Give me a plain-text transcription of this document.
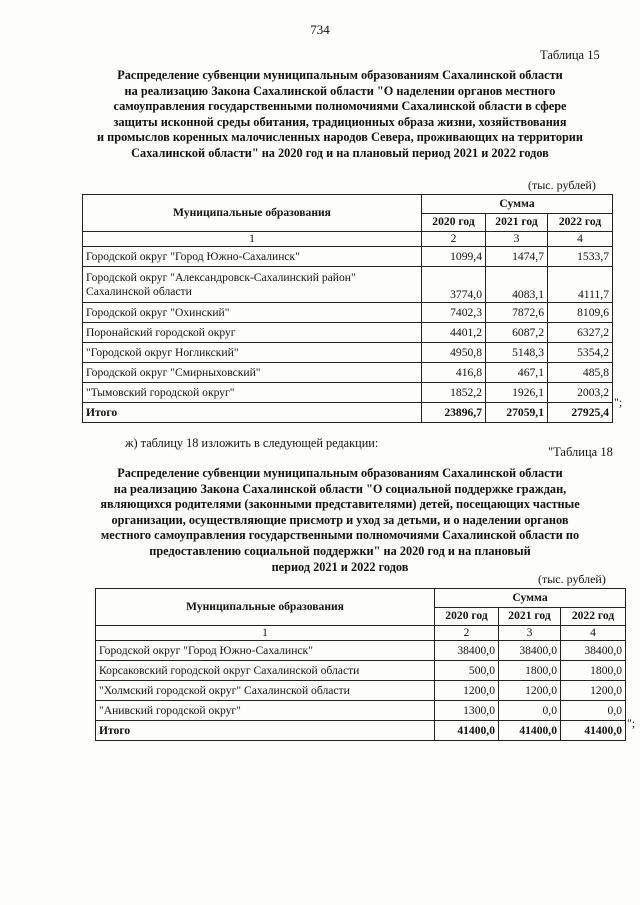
734
Таблица 15
Распределение субвенции муниципальным образованиям Сахалинской области
на реализацию Закона Сахалинской области "О наделении органов местного
самоуправления государственными полномочиями Сахалинской области в сфере
защиты исконной среды обитания, традиционных образа жизни, хозяйствования
и промыслов коренных малочисленных народов Севера, проживающих на территории
Сахалинской области" на 2020 год и на плановый период 2021 и 2022 годов
(тыс. рублей)
Муниципальные образования	Сумма		
	2020 год	2021 год	2022 год
1	2	3	4
Городской округ "Город Южно-Сахалинск"	1099,4	1474,7	1533,7
Городской округ "Александровск-Сахалинский район" Сахалинской области	3774,0	4083,1	4111,7
Городской округ "Охинский"	7402,3	7872,6	8109,6
Поронайский городской округ	4401,2	6087,2	6327,2
"Городской округ Ногликский"	4950,8	5148,3	5354,2
Городской округ "Смирныховский"	416,8	467,1	485,8
"Тымовский городской округ"	1852,2	1926,1	2003,2
Итого	23896,7	27059,1	27925,4
";
ж) таблицу 18 изложить в следующей редакции:
"Таблица 18
Распределение субвенции муниципальным образованиям Сахалинской области
на реализацию Закона Сахалинской области "О социальной поддержке граждан,
являющихся родителями (законными представителями) детей, посещающих частные
организации, осуществляющие присмотр и уход за детьми, и о наделении органов
местного самоуправления государственными полномочиями Сахалинской области по
предоставлению социальной поддержки" на 2020 год и на плановый
период 2021 и 2022 годов
(тыс. рублей)
Муниципальные образования	Сумма		
	2020 год	2021 год	2022 год
1	2	3	4
Городской округ "Город Южно-Сахалинск"	38400,0	38400,0	38400,0
Корсаковский городской округ Сахалинской области	500,0	1800,0	1800,0
"Холмский городской округ" Сахалинской области	1200,0	1200,0	1200,0
"Анивский городской округ"	1300,0	0,0	0,0
Итого	41400,0	41400,0	41400,0 ";
